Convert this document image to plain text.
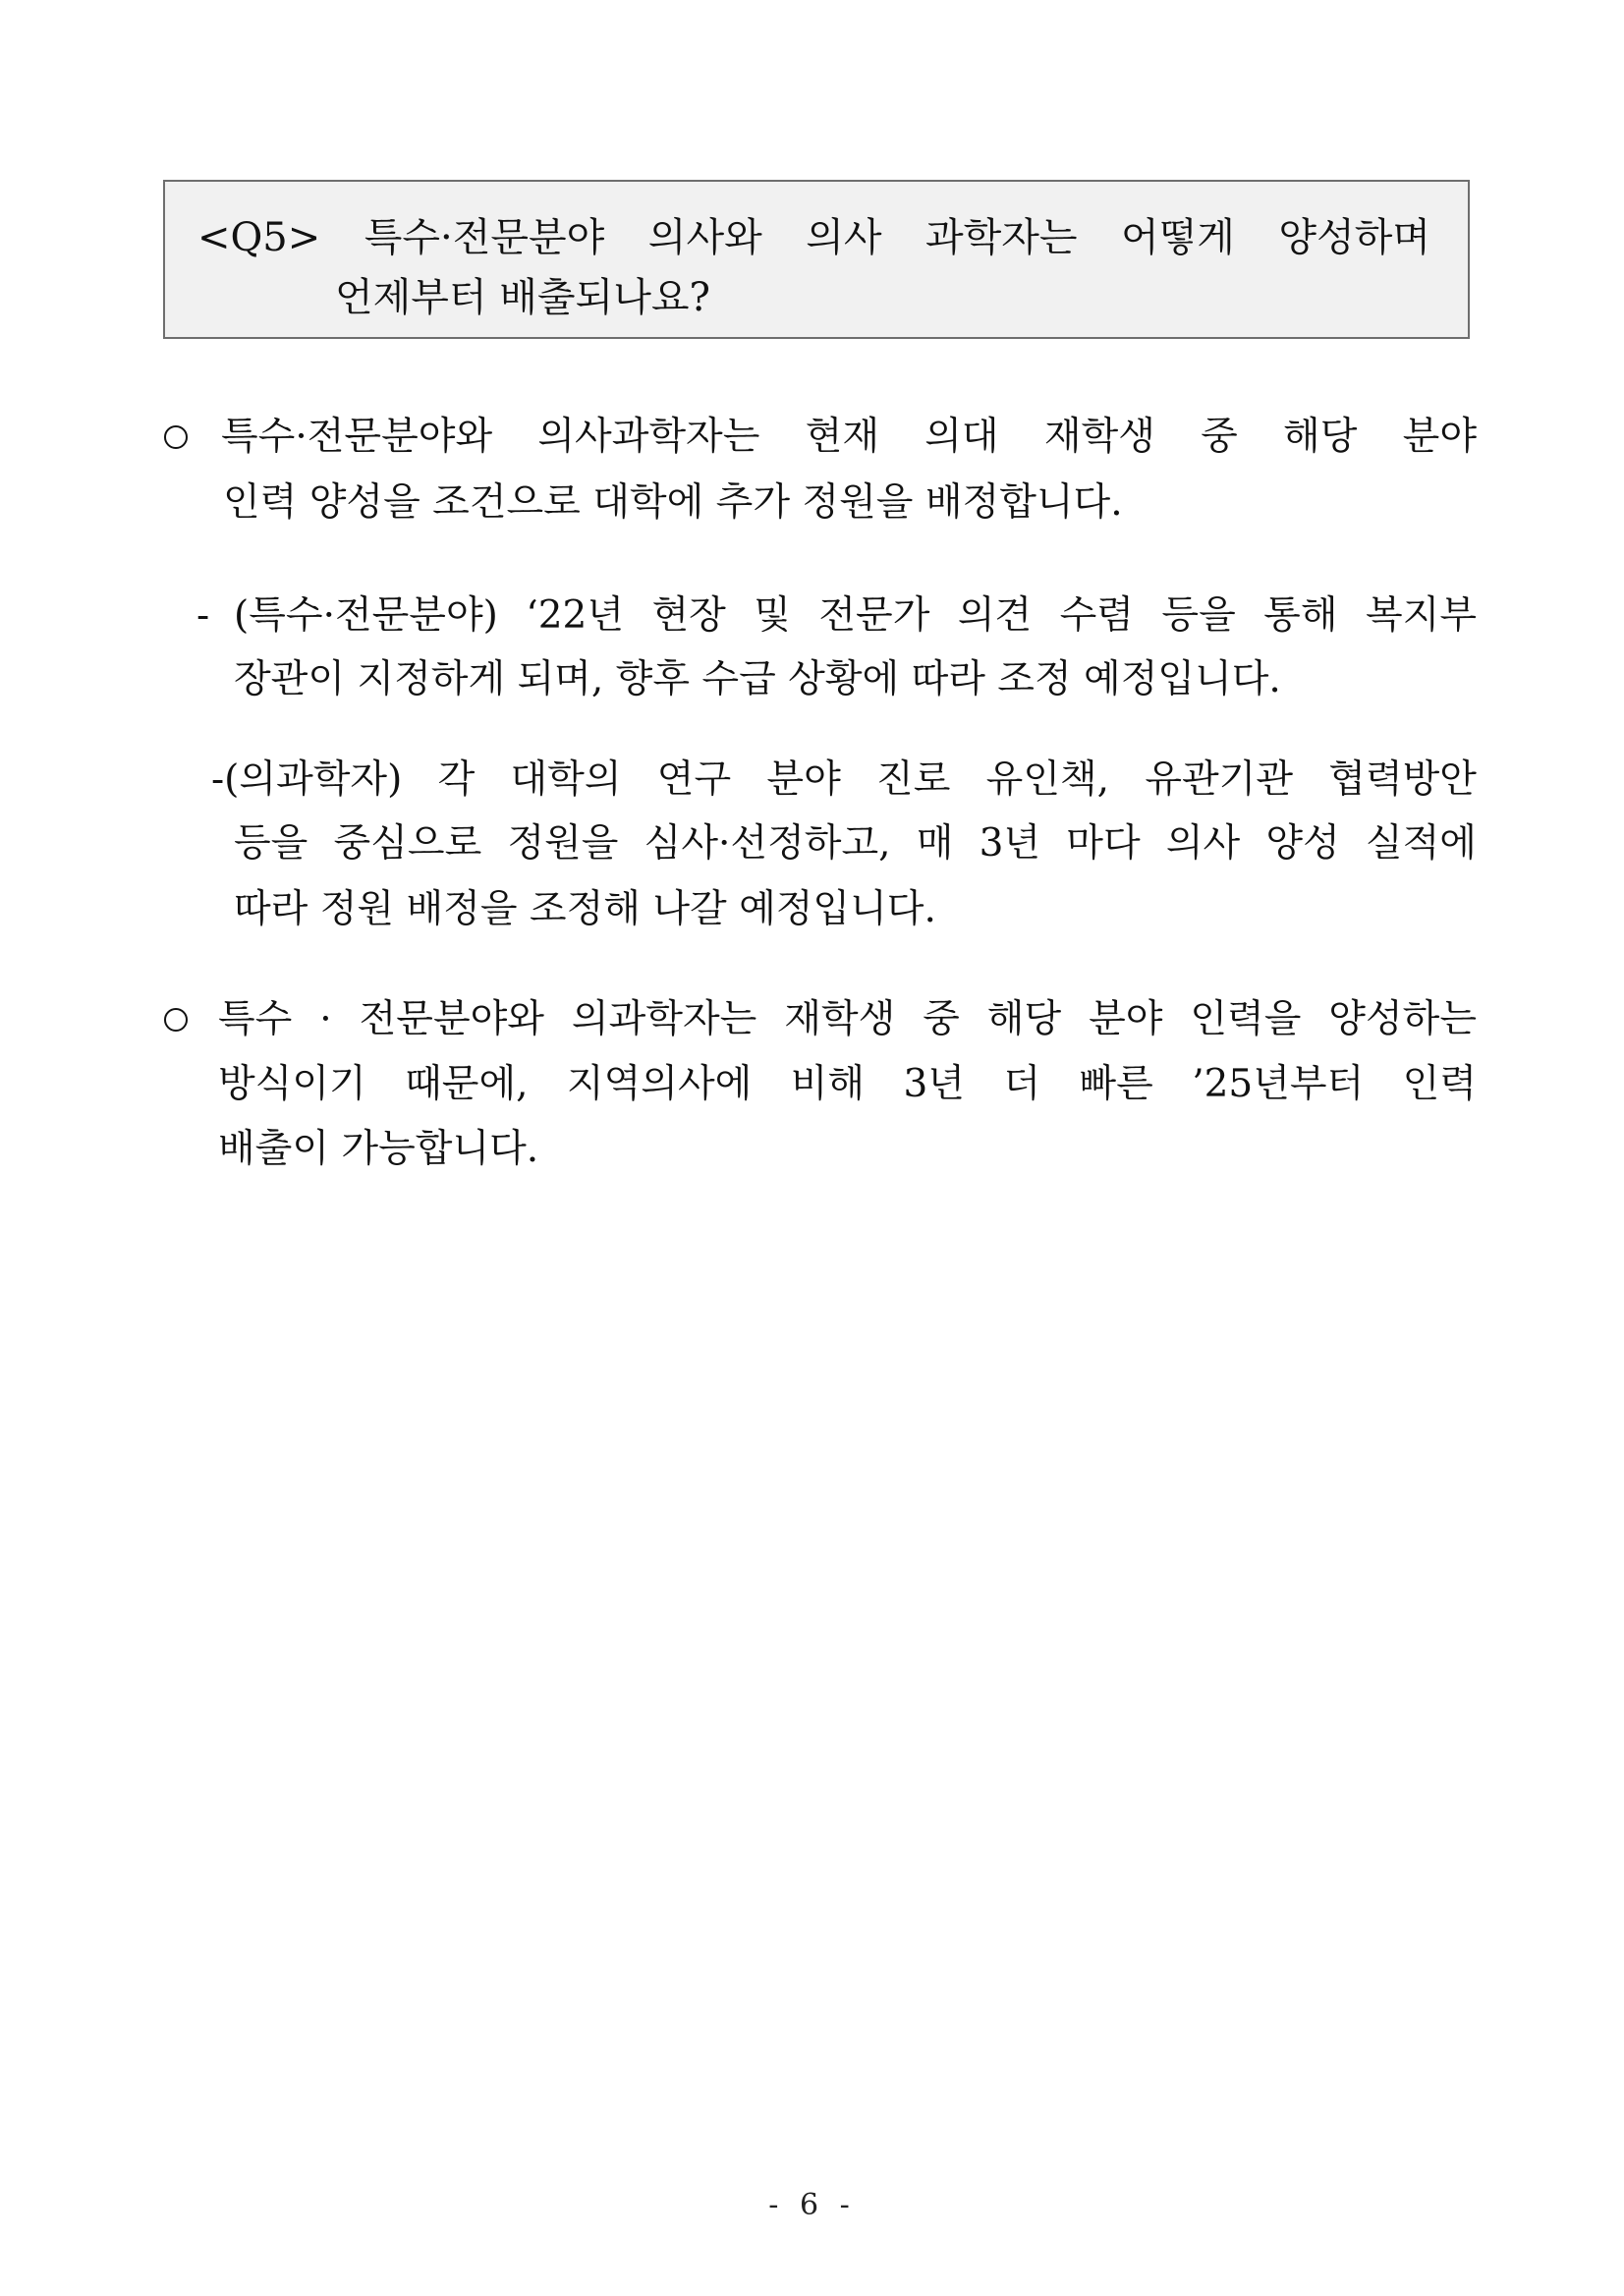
<Q5> 특수·전문분야 의사와 의사 과학자는 어떻게 양성하며
언제부터 배출되나요?
특수·전문분야와 의사과학자는 현재 의대 재학생 중 해당 분야
인력 양성을 조건으로 대학에 추가 정원을 배정합니다.
- (특수·전문분야) ‘22년 현장 및 전문가 의견 수렴 등을 통해 복지부
장관이 지정하게 되며, 향후 수급 상황에 따라 조정 예정입니다.
-(의과학자) 각 대학의 연구 분야 진로 유인책, 유관기관 협력방안
등을 중심으로 정원을 심사·선정하고, 매 3년 마다 의사 양성 실적에
따라 정원 배정을 조정해 나갈 예정입니다.
특수 · 전문분야와 의과학자는 재학생 중 해당 분야 인력을 양성하는
방식이기 때문에, 지역의사에 비해 3년 더 빠른 ’25년부터 인력
배출이 가능합니다.
- 6 -
